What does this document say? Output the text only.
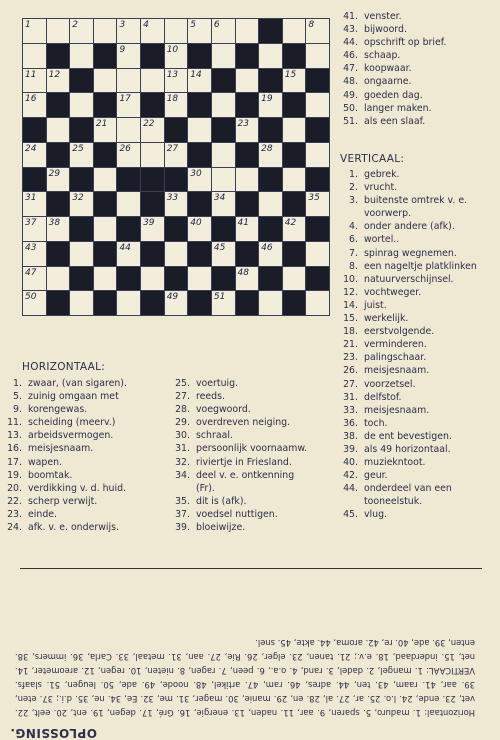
1	2	3 4	5 6	8
9	10
11 12	13 14	15
16	17	18	19
21	22	23
24	25	26	27	28
29	30
31	32	33	34	35
37 38	39	40	41	42
43	44	45	46
47	48
50	49	51
41. venster.
43. bijwoord.
44. opschrift op brief.
46. schaap.
47. koopwaar.
48. ongaarne.
49. goeden dag.
50. langer maken.
51. als een slaaf.
VERTICAAL:
1. gebrek.
2. vrucht.
3. buitenste omtrek v. e.
voorwerp.
4. onder andere (afk).
6. wortel..
7. spinrag wegnemen.
8. een nageltje platklinken
10. natuurverschijnsel.
12. vochtweger.
14. juist.
15. werkelijk.
18. eerstvolgende.
21. verminderen.
23. palingschaar.
26. meisjesnaam.
27. voorzetsel.
31. delfstof.
33. meisjesnaam.
36. toch.
38. de ent bevestigen.
39. als 49 horizontaal.
40. muziekntoot.
42. geur.
44. onderdeel van een
tooneelstuk.
45. vlug.
HORIZONTAAL:
1. zwaar, (van sigaren).
5. zuinig omgaan met
9. korengewas.
11. scheiding (meerv.)
13. arbeidsvermogen.
16. meisjesnaam.
17. wapen.
19. boomtak.
20. verdikking v. d. huid.
22. scherp verwijt.
23. einde.
24. afk. v. e. onderwijs.
25. voertuig.
27. reeds.
28. voegwoord.
29. overdreven neiging.
30. schraal.
31. persoonlijk voornaamw.
32. riviertje in Friesland.
34. deel v. e. ontkenning
(Fr).
35. dit is (afk).
37. voedsel nuttigen.
39. bloeiwijze.
OPLOSSING.
Horizontaal: 1. maduro, 5. sparen, 9. aar, 11. naden, 13. energie, 16. Gré, 17. degen, 19. ent, 20. eelt, 22. vet, 23. ende, 24. l.o. 25. ar, 27. al, 28. en, 29. manie, 30. mager, 31. me, 32. Ee, 34. ne, 35. d.i.; 37. eten, 39. aar, 41. raam, 43. ten, 44. adres, 46. ram, 47. artikel, 48. noode, 49. ade, 50. leugen, 51. slaafs. VERTICAAL: 1. mangel, 2. dadel, 3. rand, 4. o.a., 6. peen, 7. ragen, 8. nieten, 10. regen, 12. areometer, 14. net, 15. inderdaad, 18. e.v.; 21. tanen, 23. elger, 26. Rie, 27. aan, 31. metaal, 33. Carla, 36. immers, 38. enten, 39. ade, 40. re, 42. aroma, 44. akte, 45. snel.
